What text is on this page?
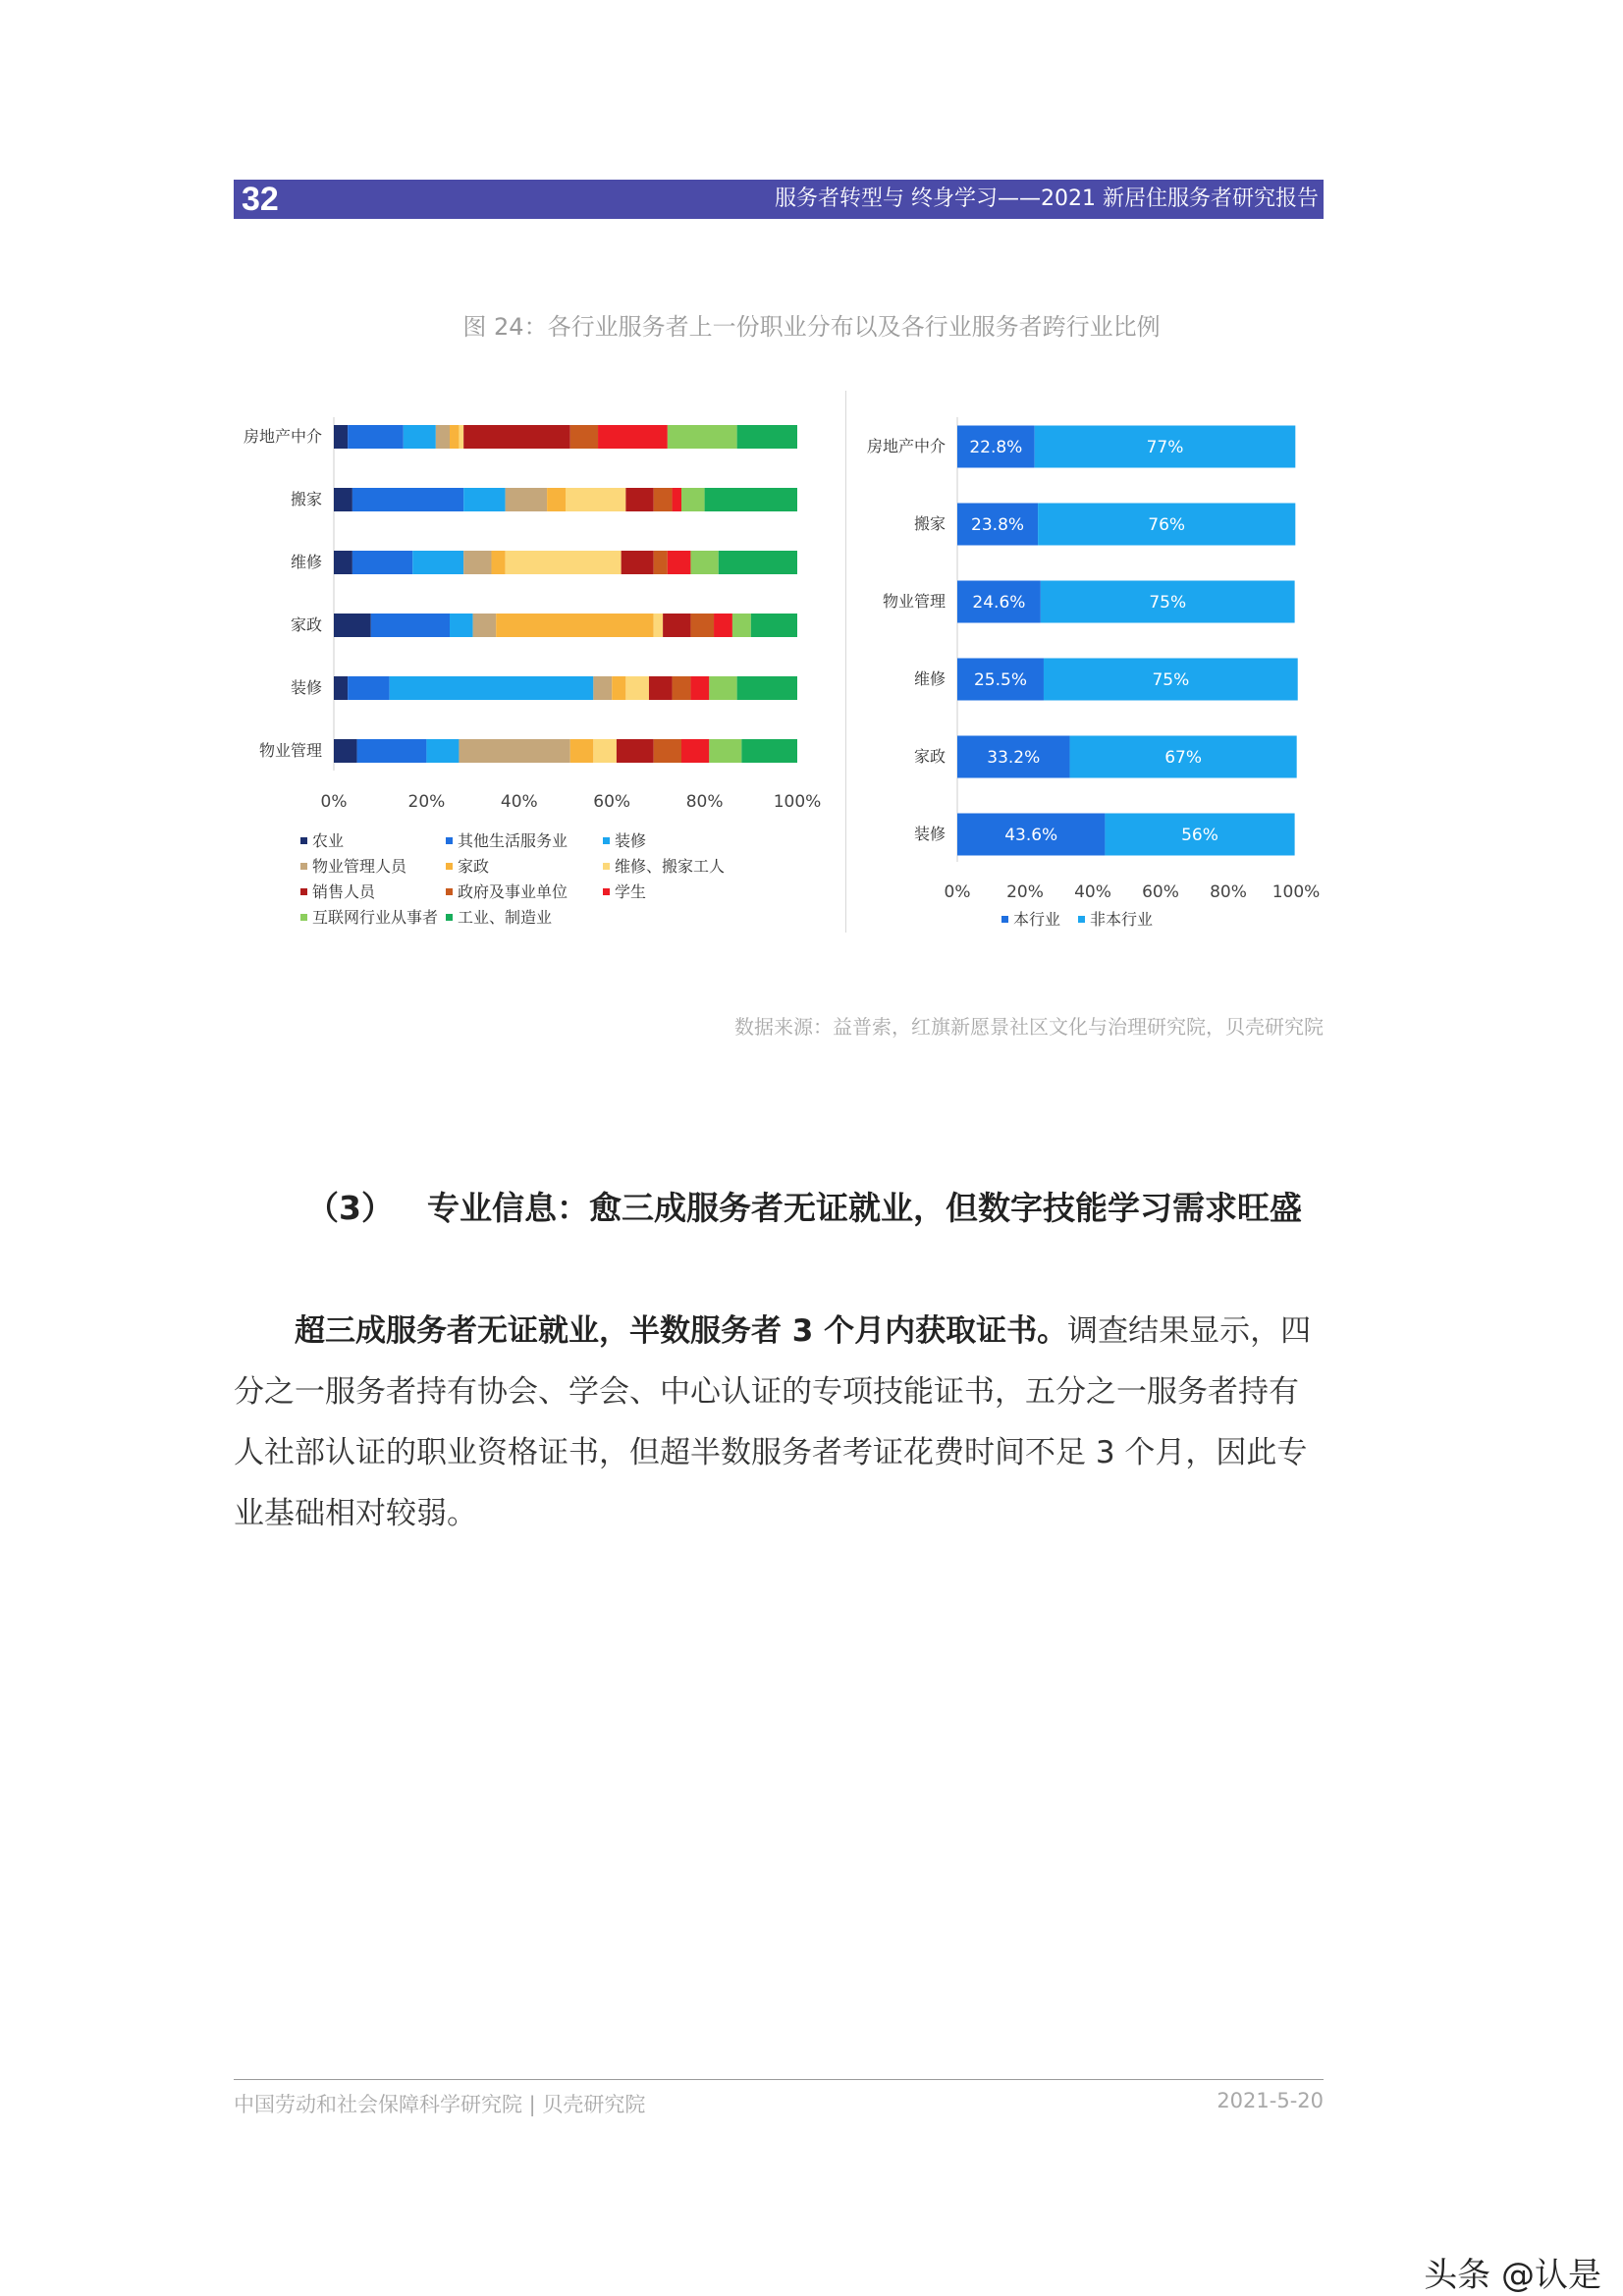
32	服务者转型与 终身学习——2021 新居住服务者研究报告
图 24：各行业服务者上一份职业分布以及各行业服务者跨行业比例
房地产中介
搬家
维修
家政
装修
物业管理
0%	20%	40%	60%	80%	100%
农业	其他生活服务业	装修
物业管理人员	家政	维修、搬家工人
销售人员	政府及事业单位	学生
互联网行业从事者 工业、制造业
房地产中介 22.8%	77%
搬家 23.8%	76%
物业管理 24.6%	75%
维修 25.5%	75%
家政 33.2%	67%
装修	43.6%	56%
0% 20% 40% 60% 80% 100%
本行业 非本行业
数据来源：益普索，红旗新愿景社区文化与治理研究院，贝壳研究院
（3） 专业信息：愈三成服务者无证就业，但数字技能学习需求旺盛
超三成服务者无证就业，半数服务者 3 个月内获取证书。调查结果显示，四分之一服务者持有协会、学会、中心认证的专项技能证书，五分之一服务者持有人社部认证的职业资格证书，但超半数服务者考证花费时间不足 3 个月，因此专业基础相对较弱。
中国劳动和社会保障科学研究院 | 贝壳研究院	2021-5-20
头条 @认是
